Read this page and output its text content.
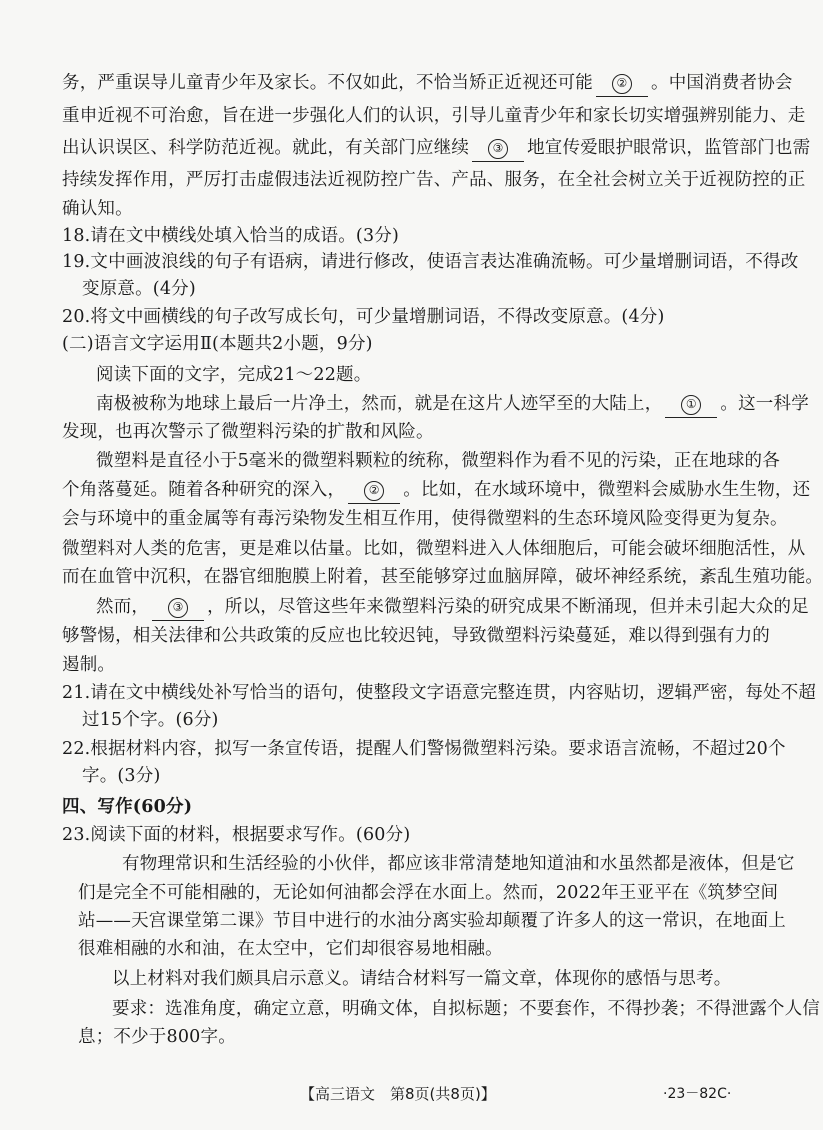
务，严重误导儿童青少年及家长。不仅如此，不恰当矫正近视还可能 ② 。中国消费者协会
重申近视不可治愈，旨在进一步强化人们的认识，引导儿童青少年和家长切实增强辨别能力、走
出认识误区、科学防范近视。就此，有关部门应继续 ③ 地宣传爱眼护眼常识，监管部门也需
持续发挥作用，严厉打击虚假违法近视防控广告、产品、服务，在全社会树立关于近视防控的正
确认知。
18.请在文中横线处填入恰当的成语。(3分)
19.文中画波浪线的句子有语病，请进行修改，使语言表达准确流畅。可少量增删词语，不得改
变原意。(4分)
20.将文中画横线的句子改写成长句，可少量增删词语，不得改变原意。(4分)
(二)语言文字运用Ⅱ(本题共2小题，9分)
阅读下面的文字，完成21～22题。
南极被称为地球上最后一片净土，然而，就是在这片人迹罕至的大陆上， ① 。这一科学
发现，也再次警示了微塑料污染的扩散和风险。
微塑料是直径小于5毫米的微塑料颗粒的统称，微塑料作为看不见的污染，正在地球的各
个角落蔓延。随着各种研究的深入， ② 。比如，在水域环境中，微塑料会威胁水生生物，还
会与环境中的重金属等有毒污染物发生相互作用，使得微塑料的生态环境风险变得更为复杂。
微塑料对人类的危害，更是难以估量。比如，微塑料进入人体细胞后，可能会破坏细胞活性，从
而在血管中沉积，在器官细胞膜上附着，甚至能够穿过血脑屏障，破坏神经系统，紊乱生殖功能。
然而， ③ ，所以，尽管这些年来微塑料污染的研究成果不断涌现，但并未引起大众的足
够警惕，相关法律和公共政策的反应也比较迟钝，导致微塑料污染蔓延，难以得到强有力的
遏制。
21.请在文中横线处补写恰当的语句，使整段文字语意完整连贯，内容贴切，逻辑严密，每处不超
过15个字。(6分)
22.根据材料内容，拟写一条宣传语，提醒人们警惕微塑料污染。要求语言流畅，不超过20个
字。(3分)
四、写作(60分)
23.阅读下面的材料，根据要求写作。(60分)
有物理常识和生活经验的小伙伴，都应该非常清楚地知道油和水虽然都是液体，但是它
们是完全不可能相融的，无论如何油都会浮在水面上。然而，2022年王亚平在《筑梦空间
站——天宫课堂第二课》节目中进行的水油分离实验却颠覆了许多人的这一常识，在地面上
很难相融的水和油，在太空中，它们却很容易地相融。
以上材料对我们颇具启示意义。请结合材料写一篇文章，体现你的感悟与思考。
要求：选准角度，确定立意，明确文体，自拟标题；不要套作，不得抄袭；不得泄露个人信
息；不少于800字。
【高三语文　第8页(共8页)】	·23－82C·
